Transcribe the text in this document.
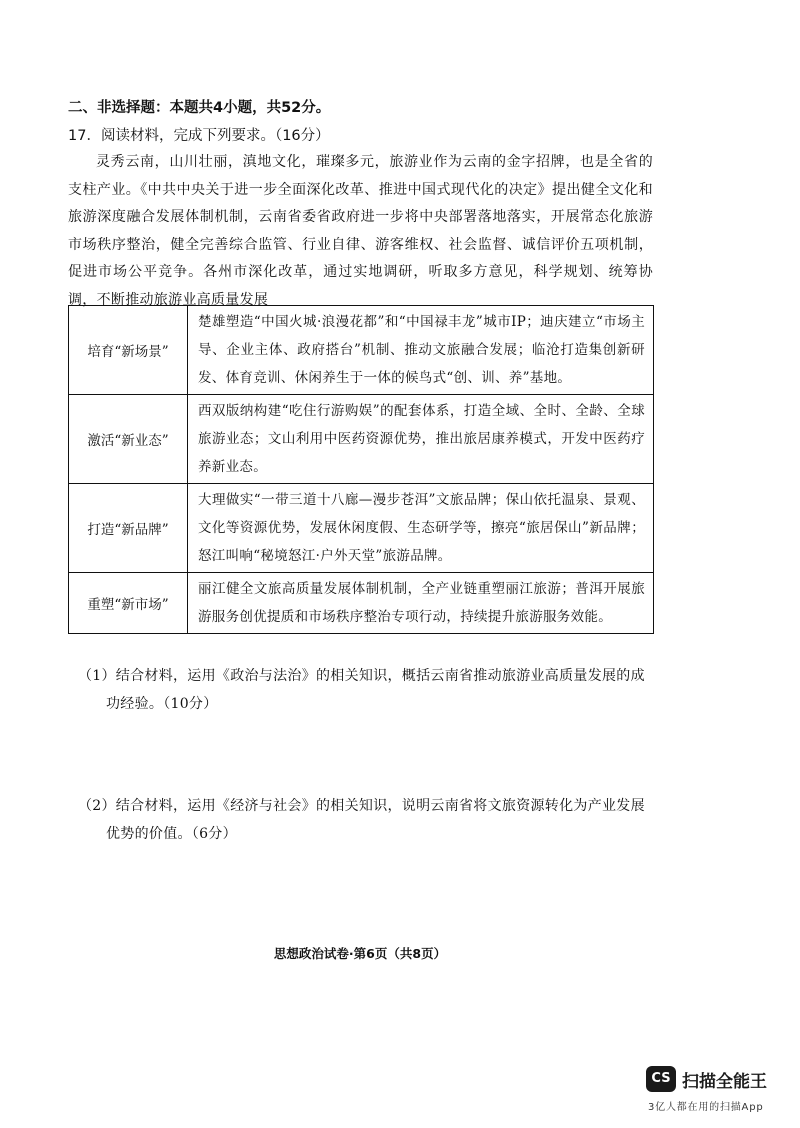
二、非选择题：本题共4小题，共52分。
17．阅读材料，完成下列要求。（16分）
灵秀云南，山川壮丽，滇地文化，璀璨多元，旅游业作为云南的金字招牌，也是全省的支柱产业。《中共中央关于进一步全面深化改革、推进中国式现代化的决定》提出健全文化和旅游深度融合发展体制机制，云南省委省政府进一步将中央部署落地落实，开展常态化旅游市场秩序整治，健全完善综合监管、行业自律、游客维权、社会监督、诚信评价五项机制，促进市场公平竞争。各州市深化改革，通过实地调研，听取多方意见，科学规划、统筹协调，不断推动旅游业高质量发展
培育“新场景”	楚雄塑造“中国火城·浪漫花都”和“中国禄丰龙”城市IP；迪庆建立“市场主导、企业主体、政府搭台”机制、推动文旅融合发展；临沧打造集创新研发、体育竞训、休闲养生于一体的候鸟式“创、训、养”基地。
激活“新业态”	西双版纳构建“吃住行游购娱”的配套体系，打造全域、全时、全龄、全球旅游业态；文山利用中医药资源优势，推出旅居康养模式，开发中医药疗养新业态。
打造“新品牌”	大理做实“一带三道十八廊—漫步苍洱”文旅品牌；保山依托温泉、景观、文化等资源优势，发展休闲度假、生态研学等，擦亮“旅居保山”新品牌；怒江叫响“秘境怒江·户外天堂”旅游品牌。
重塑“新市场”	丽江健全文旅高质量发展体制机制，全产业链重塑丽江旅游；普洱开展旅游服务创优提质和市场秩序整治专项行动，持续提升旅游服务效能。
（1）结合材料，运用《政治与法治》的相关知识，概括云南省推动旅游业高质量发展的成
功经验。（10分）
（2）结合材料，运用《经济与社会》的相关知识，说明云南省将文旅资源转化为产业发展
优势的价值。（6分）
思想政治试卷·第6页（共8页）
CS 扫描全能王
3亿人都在用的扫描App
